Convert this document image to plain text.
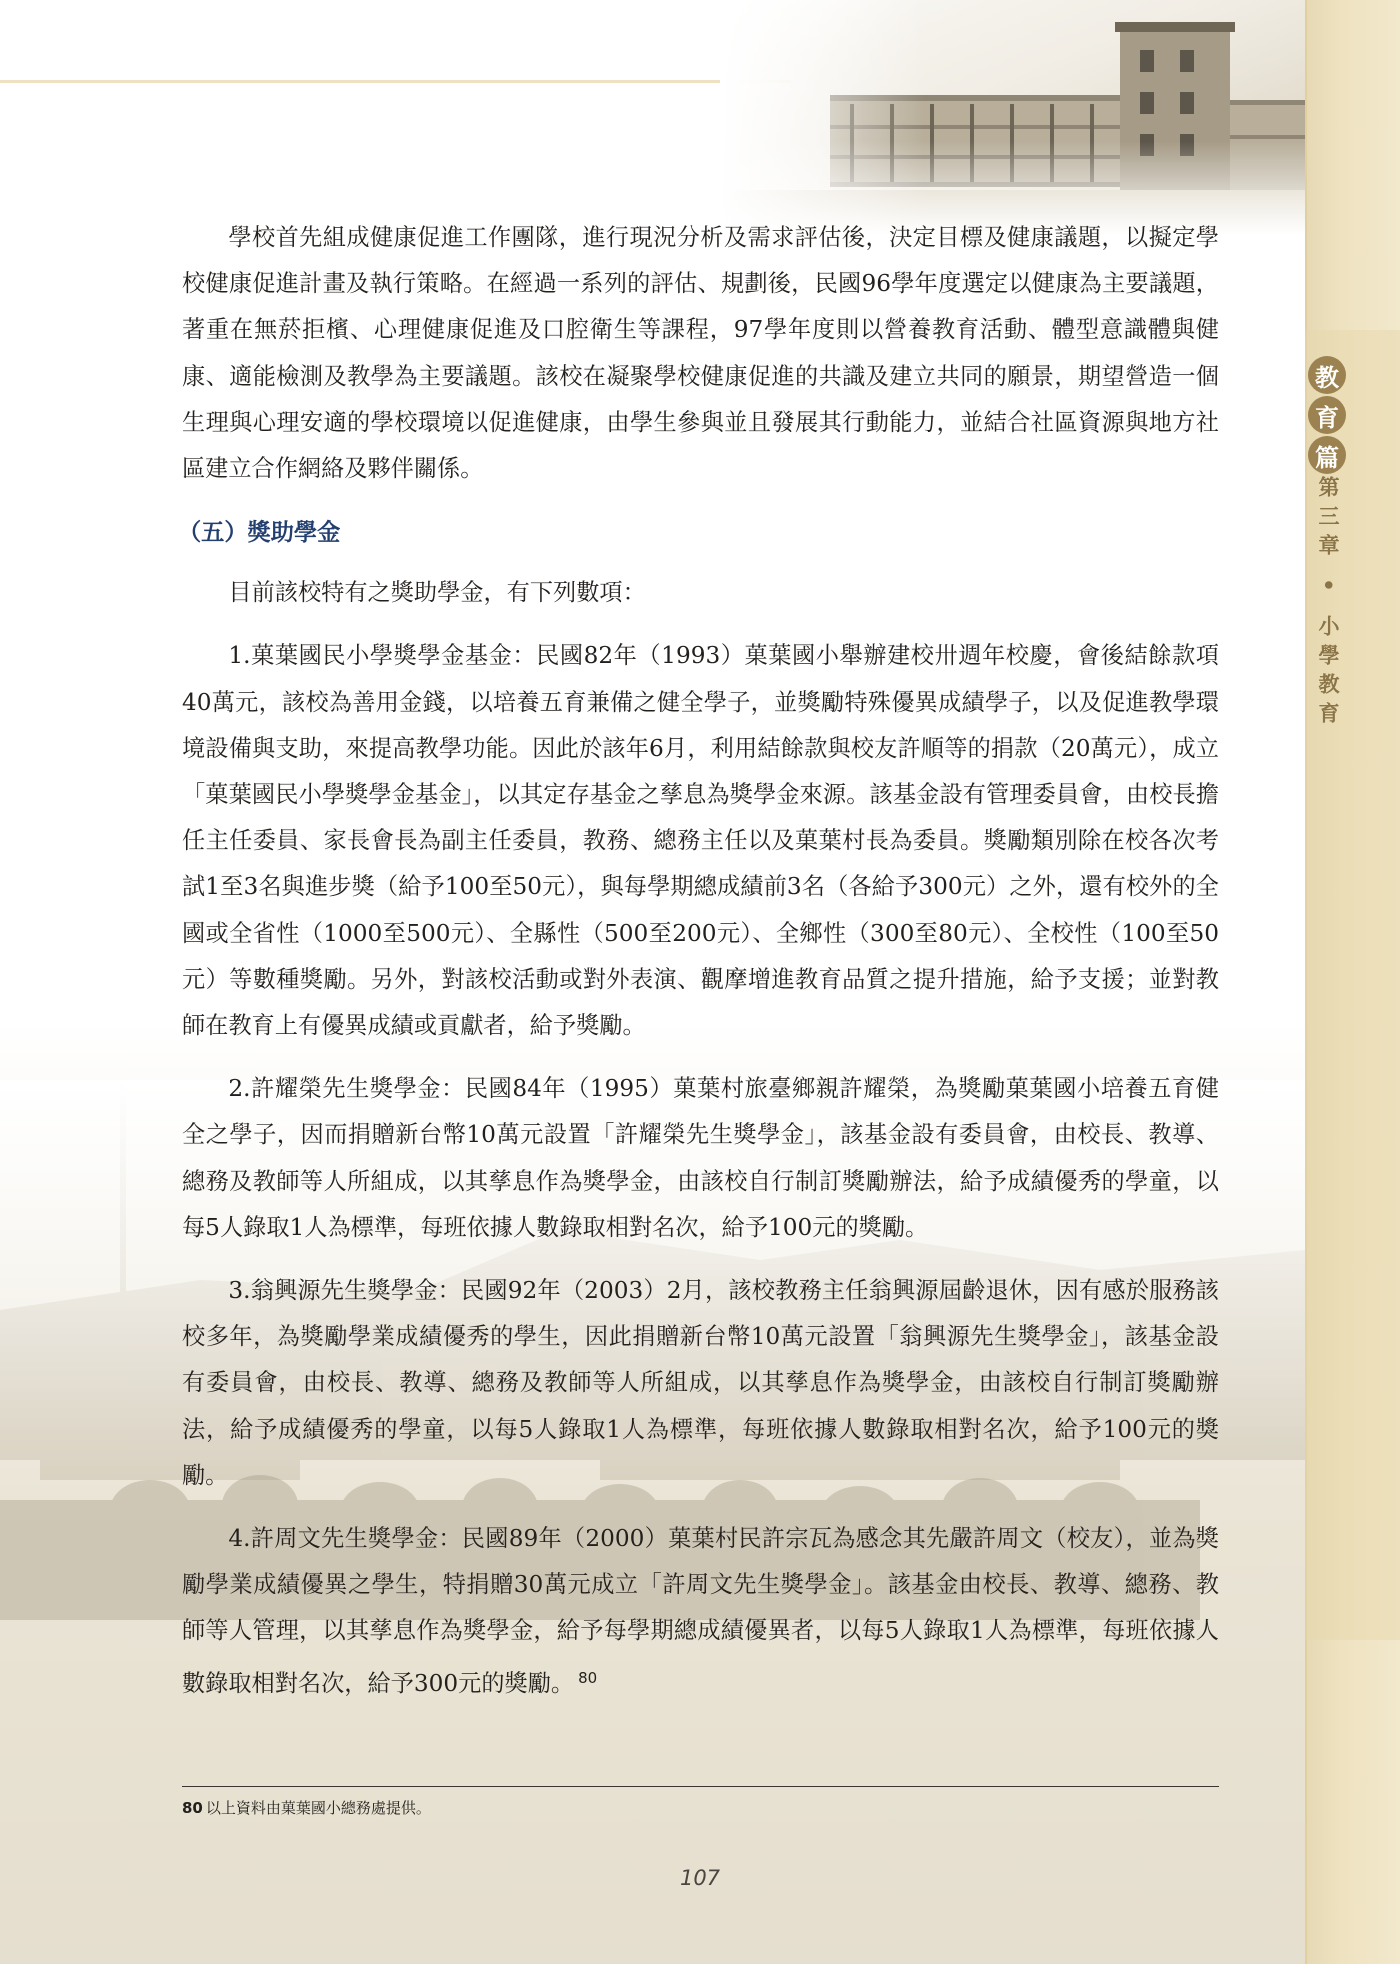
教
育
篇
第三章 • 小學教育

學校首先組成健康促進工作團隊，進行現況分析及需求評估後，決定目標及健康議題，以擬定學校健康促進計畫及執行策略。在經過一系列的評估、規劃後，民國96學年度選定以健康為主要議題，著重在無菸拒檳、心理健康促進及口腔衛生等課程，97學年度則以營養教育活動、體型意識體與健康、適能檢測及教學為主要議題。該校在凝聚學校健康促進的共識及建立共同的願景，期望營造一個生理與心理安適的學校環境以促進健康，由學生參與並且發展其行動能力，並結合社區資源與地方社區建立合作網絡及夥伴關係。

（五）獎助學金

目前該校特有之獎助學金，有下列數項：

1.菓葉國民小學獎學金基金：民國82年（1993）菓葉國小舉辦建校卅週年校慶，會後結餘款項40萬元，該校為善用金錢，以培養五育兼備之健全學子，並獎勵特殊優異成績學子，以及促進教學環境設備與支助，來提高教學功能。因此於該年6月，利用結餘款與校友許順等的捐款（20萬元），成立「菓葉國民小學獎學金基金」，以其定存基金之孳息為獎學金來源。該基金設有管理委員會，由校長擔任主任委員、家長會長為副主任委員，教務、總務主任以及菓葉村長為委員。獎勵類別除在校各次考試1至3名與進步獎（給予100至50元），與每學期總成績前3名（各給予300元）之外，還有校外的全國或全省性（1000至500元）、全縣性（500至200元）、全鄉性（300至80元）、全校性（100至50元）等數種獎勵。另外，對該校活動或對外表演、觀摩增進教育品質之提升措施，給予支援；並對教師在教育上有優異成績或貢獻者，給予獎勵。

2.許耀榮先生獎學金：民國84年（1995）菓葉村旅臺鄉親許耀榮，為獎勵菓葉國小培養五育健全之學子，因而捐贈新台幣10萬元設置「許耀榮先生獎學金」，該基金設有委員會，由校長、教導、總務及教師等人所組成，以其孳息作為獎學金，由該校自行制訂獎勵辦法，給予成績優秀的學童，以每5人錄取1人為標準，每班依據人數錄取相對名次，給予100元的獎勵。

3.翁興源先生獎學金：民國92年（2003）2月，該校教務主任翁興源屆齡退休，因有感於服務該校多年，為獎勵學業成績優秀的學生，因此捐贈新台幣10萬元設置「翁興源先生獎學金」，該基金設有委員會，由校長、教導、總務及教師等人所組成，以其孳息作為獎學金，由該校自行制訂獎勵辦法，給予成績優秀的學童，以每5人錄取1人為標準，每班依據人數錄取相對名次，給予100元的獎勵。

4.許周文先生獎學金：民國89年（2000）菓葉村民許宗瓦為感念其先嚴許周文（校友），並為獎勵學業成績優異之學生，特捐贈30萬元成立「許周文先生獎學金」。該基金由校長、教導、總務、教師等人管理，以其孳息作為獎學金，給予每學期總成績優異者，以每5人錄取1人為標準，每班依據人數錄取相對名次，給予300元的獎勵。 $^{80}$

80 以上資料由菓葉國小總務處提供。
107
